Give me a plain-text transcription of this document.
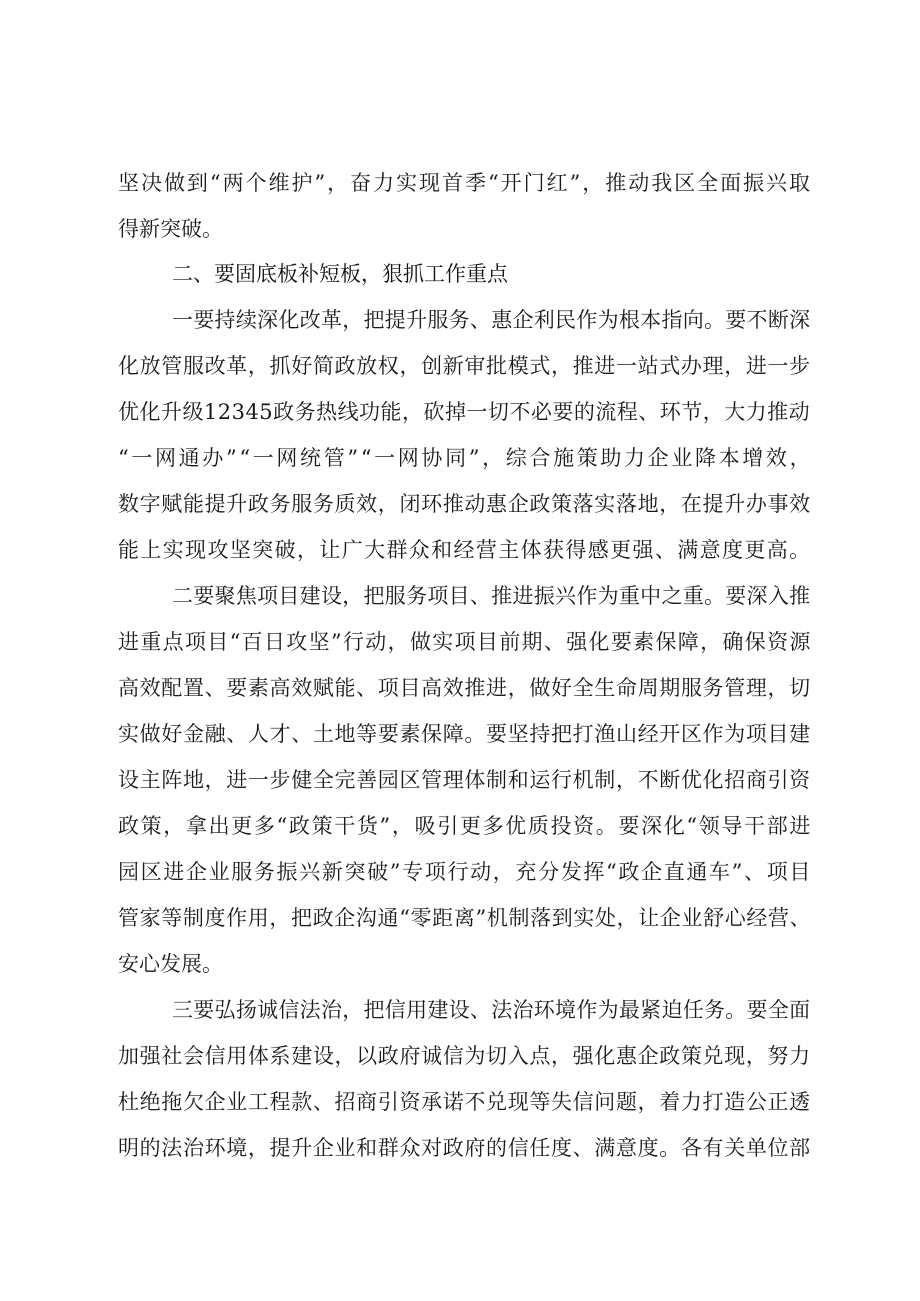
坚决做到“两个维护”，奋力实现首季“开门红”，推动我区全面振兴取
得新突破。
二、要固底板补短板，狠抓工作重点
一要持续深化改革，把提升服务、惠企利民作为根本指向。要不断深
化放管服改革，抓好简政放权，创新审批模式，推进一站式办理，进一步
优化升级12345政务热线功能，砍掉一切不必要的流程、环节，大力推动
“一网通办”“一网统管”“一网协同”，综合施策助力企业降本增效，
数字赋能提升政务服务质效，闭环推动惠企政策落实落地，在提升办事效
能上实现攻坚突破，让广大群众和经营主体获得感更强、满意度更高。
二要聚焦项目建设，把服务项目、推进振兴作为重中之重。要深入推
进重点项目“百日攻坚”行动，做实项目前期、强化要素保障，确保资源
高效配置、要素高效赋能、项目高效推进，做好全生命周期服务管理，切
实做好金融、人才、土地等要素保障。要坚持把打渔山经开区作为项目建
设主阵地，进一步健全完善园区管理体制和运行机制，不断优化招商引资
政策，拿出更多“政策干货”，吸引更多优质投资。要深化“领导干部进
园区进企业服务振兴新突破”专项行动，充分发挥“政企直通车”、项目
管家等制度作用，把政企沟通“零距离”机制落到实处，让企业舒心经营、
安心发展。
三要弘扬诚信法治，把信用建设、法治环境作为最紧迫任务。要全面
加强社会信用体系建设，以政府诚信为切入点，强化惠企政策兑现，努力
杜绝拖欠企业工程款、招商引资承诺不兑现等失信问题，着力打造公正透
明的法治环境，提升企业和群众对政府的信任度、满意度。各有关单位部
